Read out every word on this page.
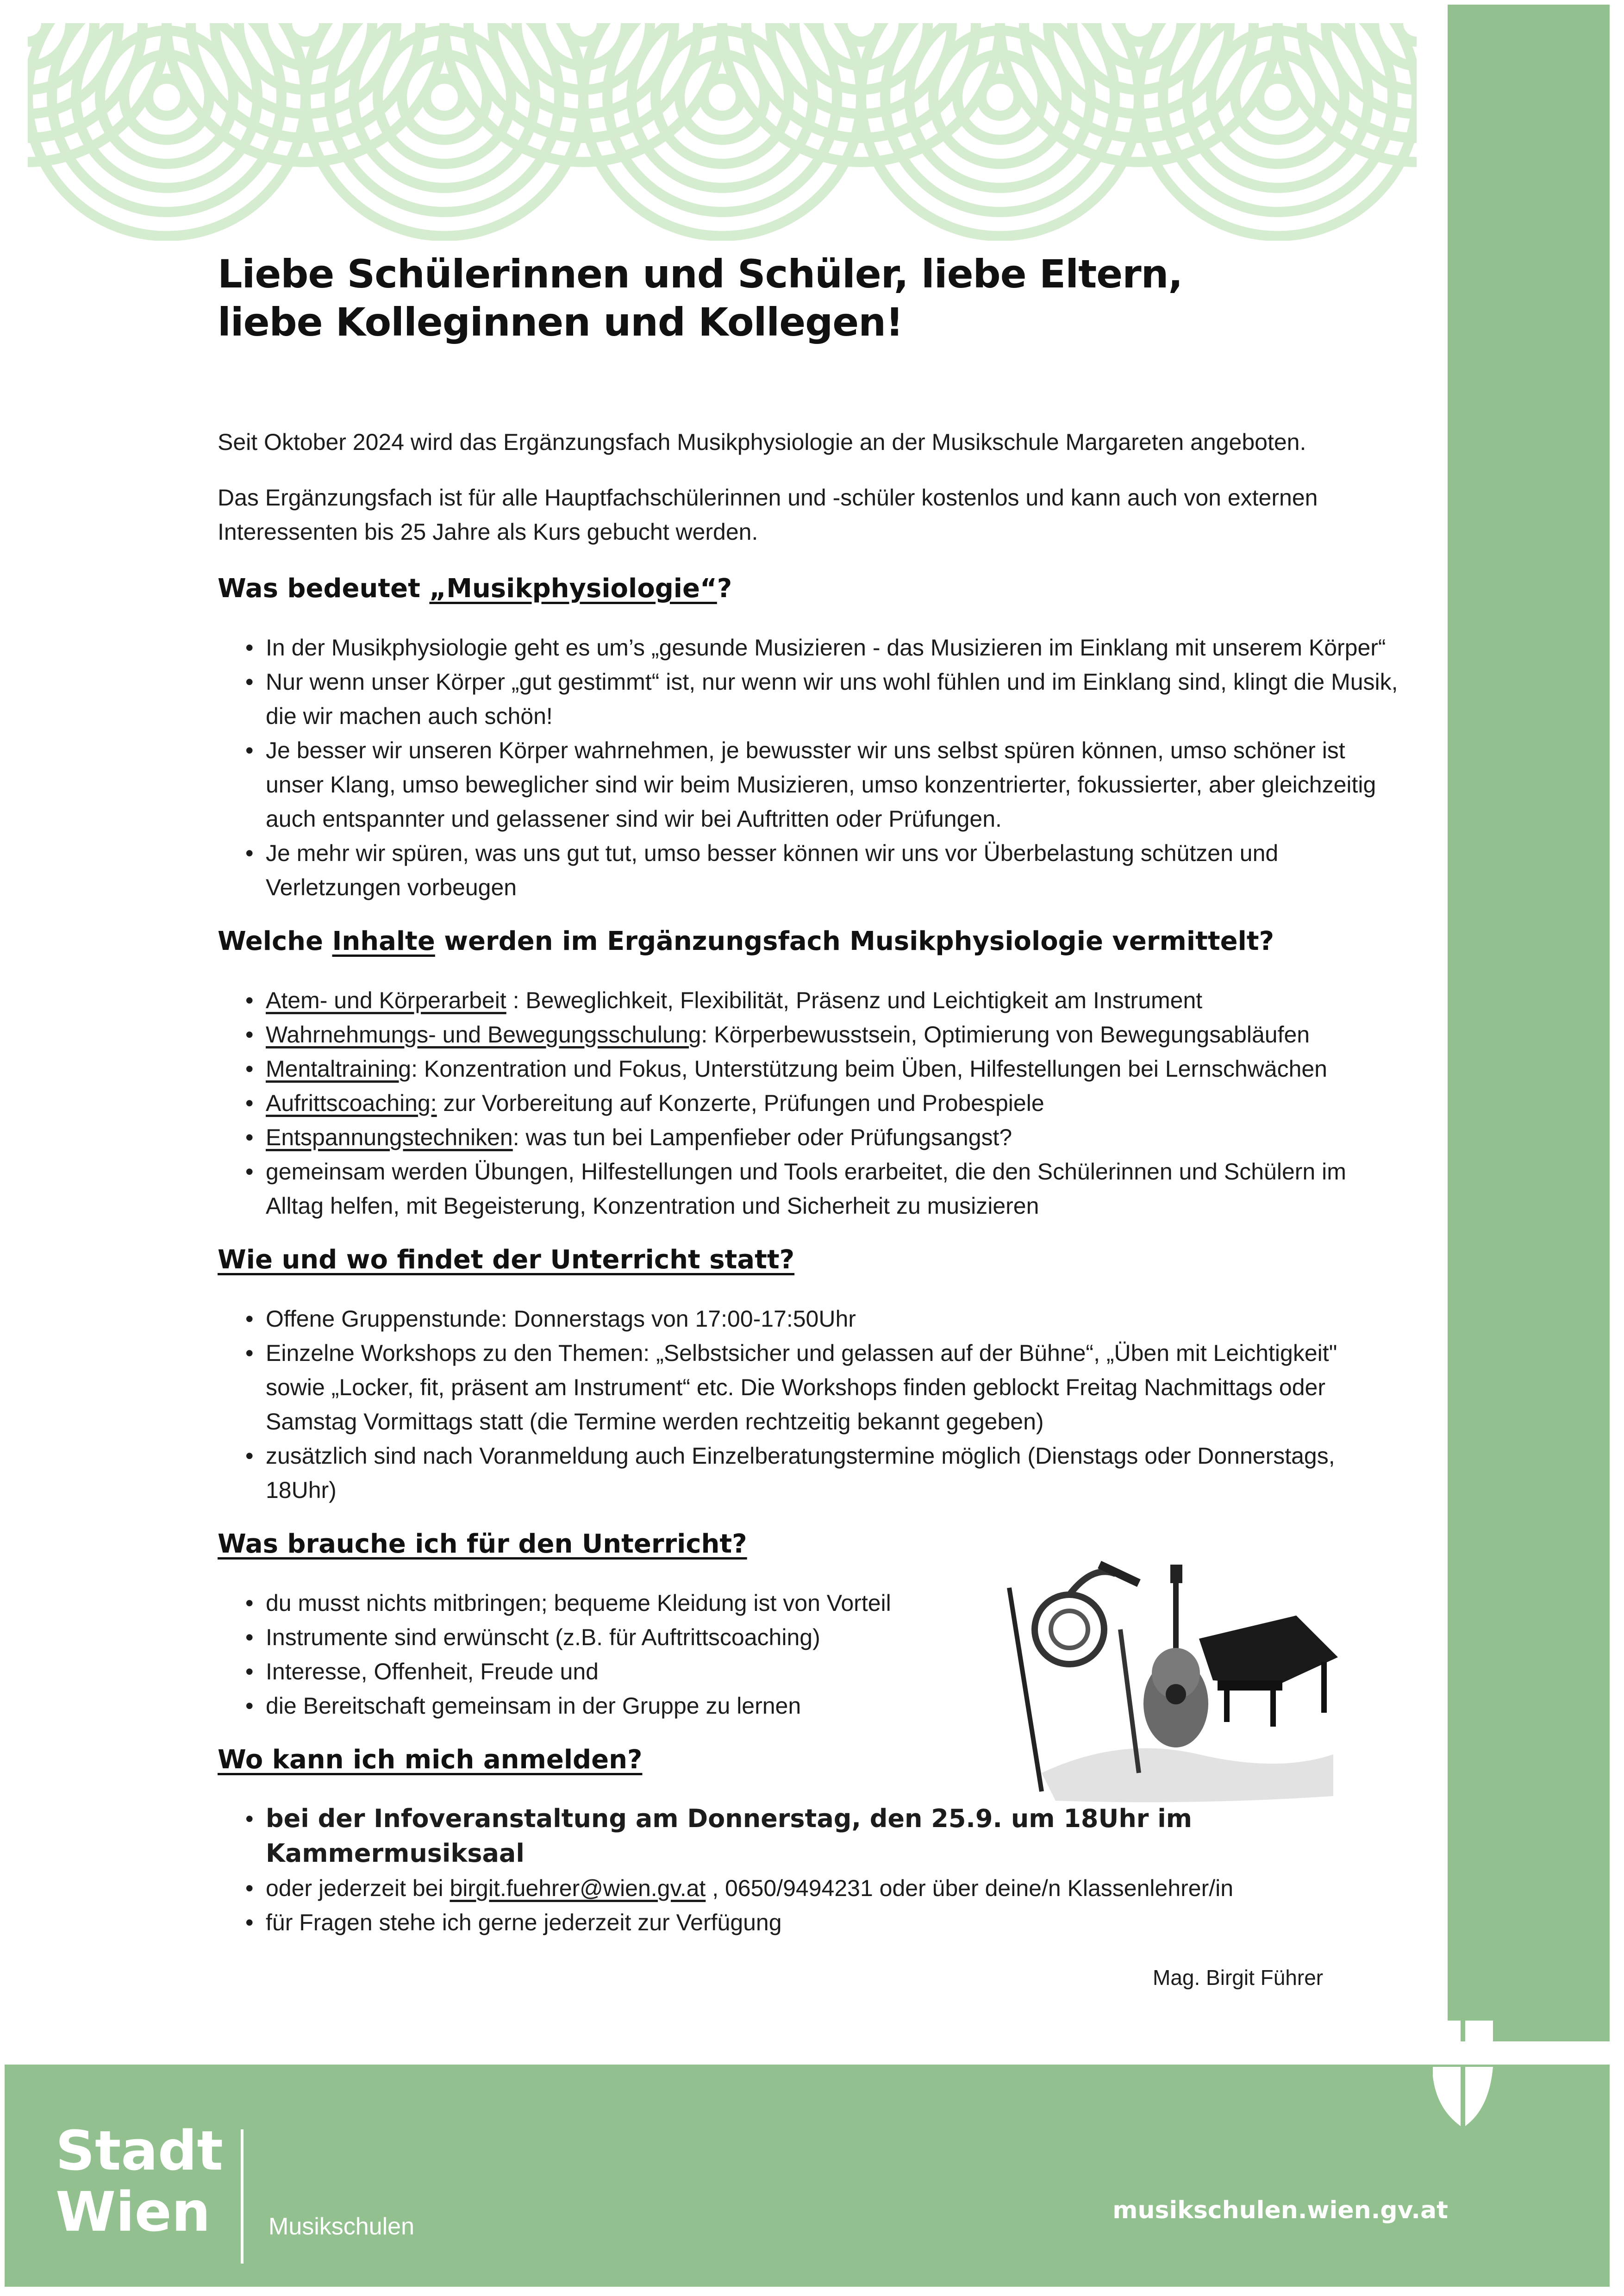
Liebe Schülerinnen und Schüler, liebe Eltern,
liebe Kolleginnen und Kollegen!

Seit Oktober 2024 wird das Ergänzungsfach Musikphysiologie an der Musikschule Margareten angeboten.

Das Ergänzungsfach ist für alle Hauptfachschülerinnen und -schüler kostenlos und kann auch von externen Interessenten bis 25 Jahre als Kurs gebucht werden.

Was bedeutet „Musikphysiologie“?
• In der Musikphysiologie geht es um’s „gesunde Musizieren - das Musizieren im Einklang mit unserem Körper“
• Nur wenn unser Körper „gut gestimmt“ ist, nur wenn wir uns wohl fühlen und im Einklang sind, klingt die Musik, die wir machen auch schön!
• Je besser wir unseren Körper wahrnehmen, je bewusster wir uns selbst spüren können, umso schöner ist unser Klang, umso beweglicher sind wir beim Musizieren, umso konzentrierter, fokussierter, aber gleichzeitig auch entspannter und gelassener sind wir bei Auftritten oder Prüfungen.
• Je mehr wir spüren, was uns gut tut, umso besser können wir uns vor Überbelastung schützen und Verletzungen vorbeugen
Welche Inhalte werden im Ergänzungsfach Musikphysiologie vermittelt?
• Atem- und Körperarbeit : Beweglichkeit, Flexibilität, Präsenz und Leichtigkeit am Instrument
• Wahrnehmungs- und Bewegungsschulung: Körperbewusstsein, Optimierung von Bewegungsabläufen
• Mentaltraining: Konzentration und Fokus, Unterstützung beim Üben, Hilfestellungen bei Lernschwächen
• Aufrittscoaching: zur Vorbereitung auf Konzerte, Prüfungen und Probespiele
• Entspannungstechniken: was tun bei Lampenfieber oder Prüfungsangst?
• gemeinsam werden Übungen, Hilfestellungen und Tools erarbeitet, die den Schülerinnen und Schülern im Alltag helfen, mit Begeisterung, Konzentration und Sicherheit zu musizieren
Wie und wo findet der Unterricht statt?
• Offene Gruppenstunde: Donnerstags von 17:00-17:50Uhr
• Einzelne Workshops zu den Themen: „Selbstsicher und gelassen auf der Bühne“, „Üben mit Leichtigkeit" sowie „Locker, fit, präsent am Instrument“ etc. Die Workshops finden geblockt Freitag Nachmittags oder Samstag Vormittags statt (die Termine werden rechtzeitig bekannt gegeben)
• zusätzlich sind nach Voranmeldung auch Einzelberatungstermine möglich (Dienstags oder Donnerstags, 18Uhr)
Was brauche ich für den Unterricht?
• du musst nichts mitbringen; bequeme Kleidung ist von Vorteil
• Instrumente sind erwünscht (z.B. für Auftrittscoaching)
• Interesse, Offenheit, Freude und
• die Bereitschaft gemeinsam in der Gruppe zu lernen
Wo kann ich mich anmelden?
• bei der Infoveranstaltung am Donnerstag, den 25.9. um 18Uhr im Kammermusiksaal
• oder jederzeit bei birgit.fuehrer@wien.gv.at , 0650/9494231 oder über deine/n Klassenlehrer/in
• für Fragen stehe ich gerne jederzeit zur Verfügung
Mag. Birgit Führer
Stadt
Wien	Musikschulen
musikschulen.wien.gv.at
